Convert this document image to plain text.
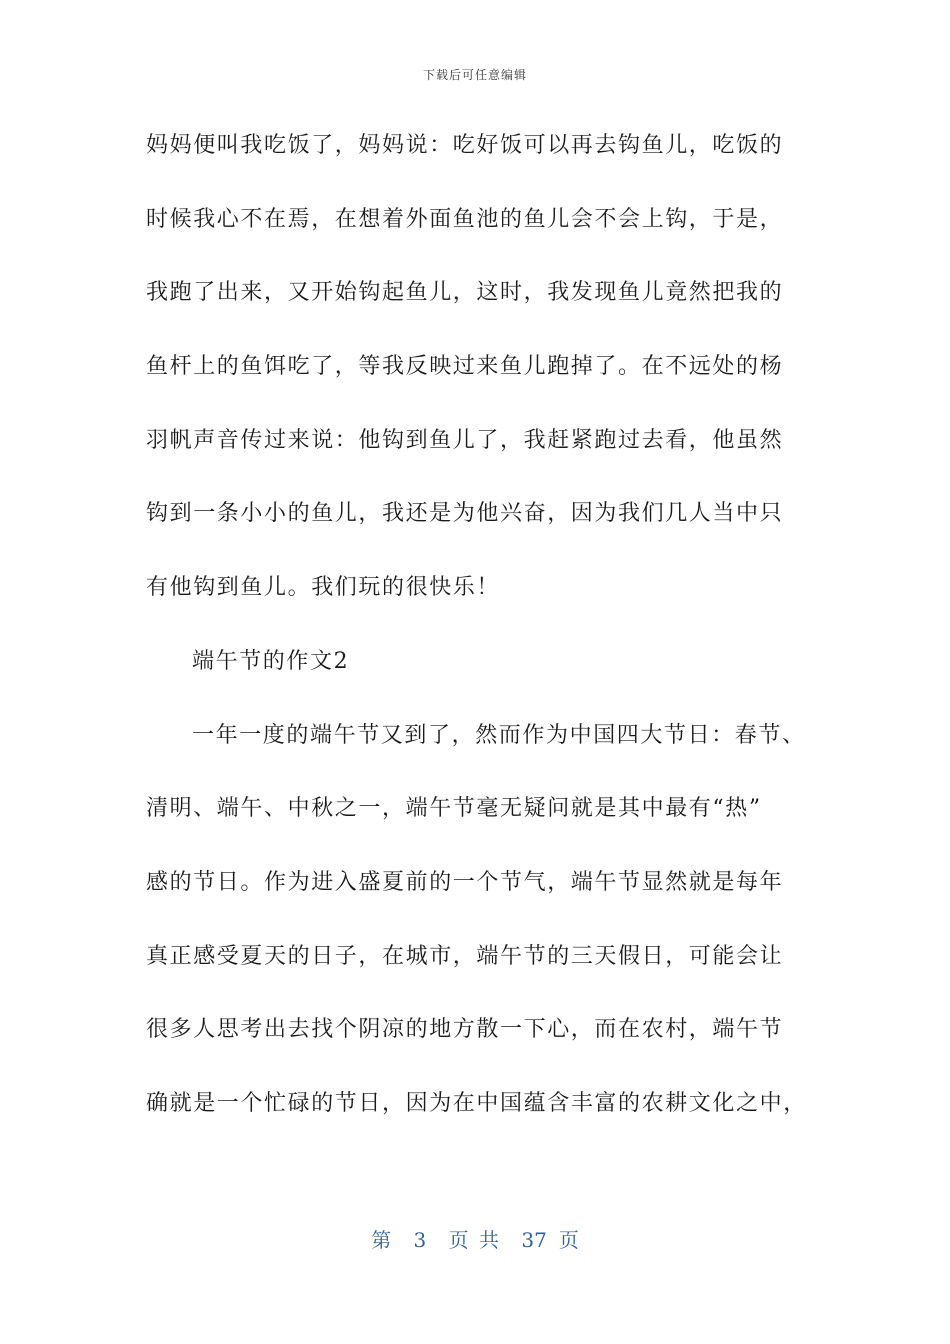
下载后可任意编辑
妈妈便叫我吃饭了，妈妈说：吃好饭可以再去钩鱼儿，吃饭的
时候我心不在焉，在想着外面鱼池的鱼儿会不会上钩，于是，
我跑了出来，又开始钩起鱼儿，这时，我发现鱼儿竟然把我的
鱼杆上的鱼饵吃了，等我反映过来鱼儿跑掉了。在不远处的杨
羽帆声音传过来说：他钩到鱼儿了，我赶紧跑过去看，他虽然
钩到一条小小的鱼儿，我还是为他兴奋，因为我们几人当中只
有他钩到鱼儿。我们玩的很快乐！
端午节的作文2
一年一度的端午节又到了，然而作为中国四大节日：春节、
清明、端午、中秋之一，端午节毫无疑问就是其中最有“热”
感的节日。作为进入盛夏前的一个节气，端午节显然就是每年
真正感受夏天的日子，在城市，端午节的三天假日，可能会让
很多人思考出去找个阴凉的地方散一下心，而在农村，端午节
确就是一个忙碌的节日，因为在中国蕴含丰富的农耕文化之中，
第 3 页 共 37 页
